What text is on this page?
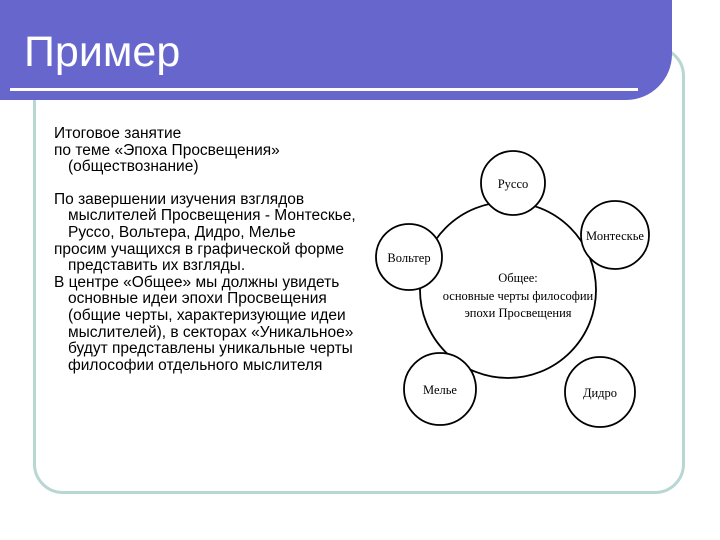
Пример

Итоговое занятие

по теме «Эпоха Просвещения» (обществознание)

По завершении изучения взглядов мыслителей Просвещения - Монтескье, Руссо, Вольтера, Дидро, Мелье

просим учащихся в графической форме представить их взгляды.

В центре «Общее» мы должны увидеть основные идеи эпохи Просвещения (общие черты, характеризующие идеи мыслителей), в секторах «Уникальное» будут представлены уникальные черты философии отдельного мыслителя

Общее:
основные черты философии
эпохи Просвещения
Руссо
Монтескье
Вольтер
Мелье	Дидро
